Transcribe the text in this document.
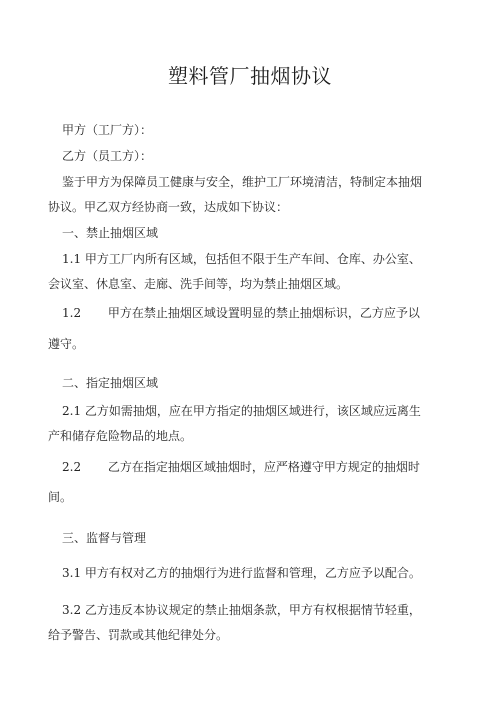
塑料管厂抽烟协议
甲方（工厂方）：
乙方（员工方）：
鉴于甲方为保障员工健康与安全，维护工厂环境清洁，特制定本抽烟
协议。甲乙双方经协商一致，达成如下协议：
一、禁止抽烟区域
1.1 甲方工厂内所有区域，包括但不限于生产车间、仓库、办公室、
会议室、休息室、走廊、洗手间等，均为禁止抽烟区域。
1.2 甲方在禁止抽烟区域设置明显的禁止抽烟标识，乙方应予以
遵守。
二、指定抽烟区域
2.1 乙方如需抽烟，应在甲方指定的抽烟区域进行，该区域应远离生
产和储存危险物品的地点。
2.2 乙方在指定抽烟区域抽烟时，应严格遵守甲方规定的抽烟时
间。
三、监督与管理
3.1 甲方有权对乙方的抽烟行为进行监督和管理，乙方应予以配合。
3.2 乙方违反本协议规定的禁止抽烟条款，甲方有权根据情节轻重，
给予警告、罚款或其他纪律处分。
